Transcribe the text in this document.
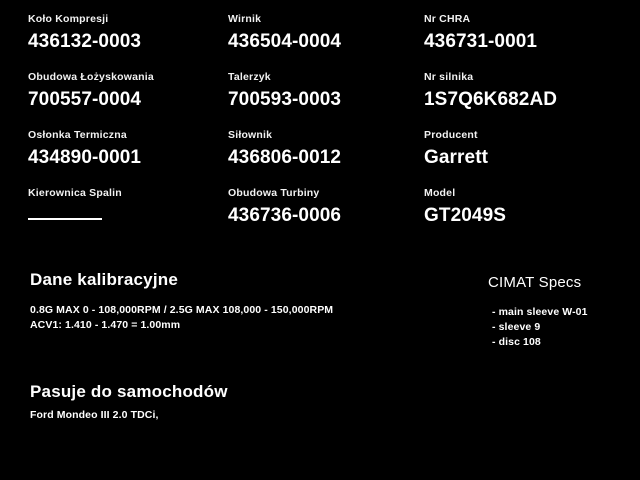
Koło Kompresji
436132-0003
Wirnik
436504-0004
Nr CHRA
436731-0001
Obudowa Łożyskowania
700557-0004
Talerzyk
700593-0003
Nr silnika
1S7Q6K682AD
Osłonka Termiczna
434890-0001
Siłownik
436806-0012
Producent
Garrett
Kierownica Spalin	Obudowa Turbiny
436736-0006
Model
GT2049S
Dane kalibracyjne
0.8G MAX 0 - 108,000RPM / 2.5G MAX 108,000 - 150,000RPM
ACV1: 1.410 - 1.470 = 1.00mm
CIMAT Specs
- main sleeve W-01
- sleeve 9
- disc 108
Pasuje do samochodów
Ford Mondeo III 2.0 TDCi,
